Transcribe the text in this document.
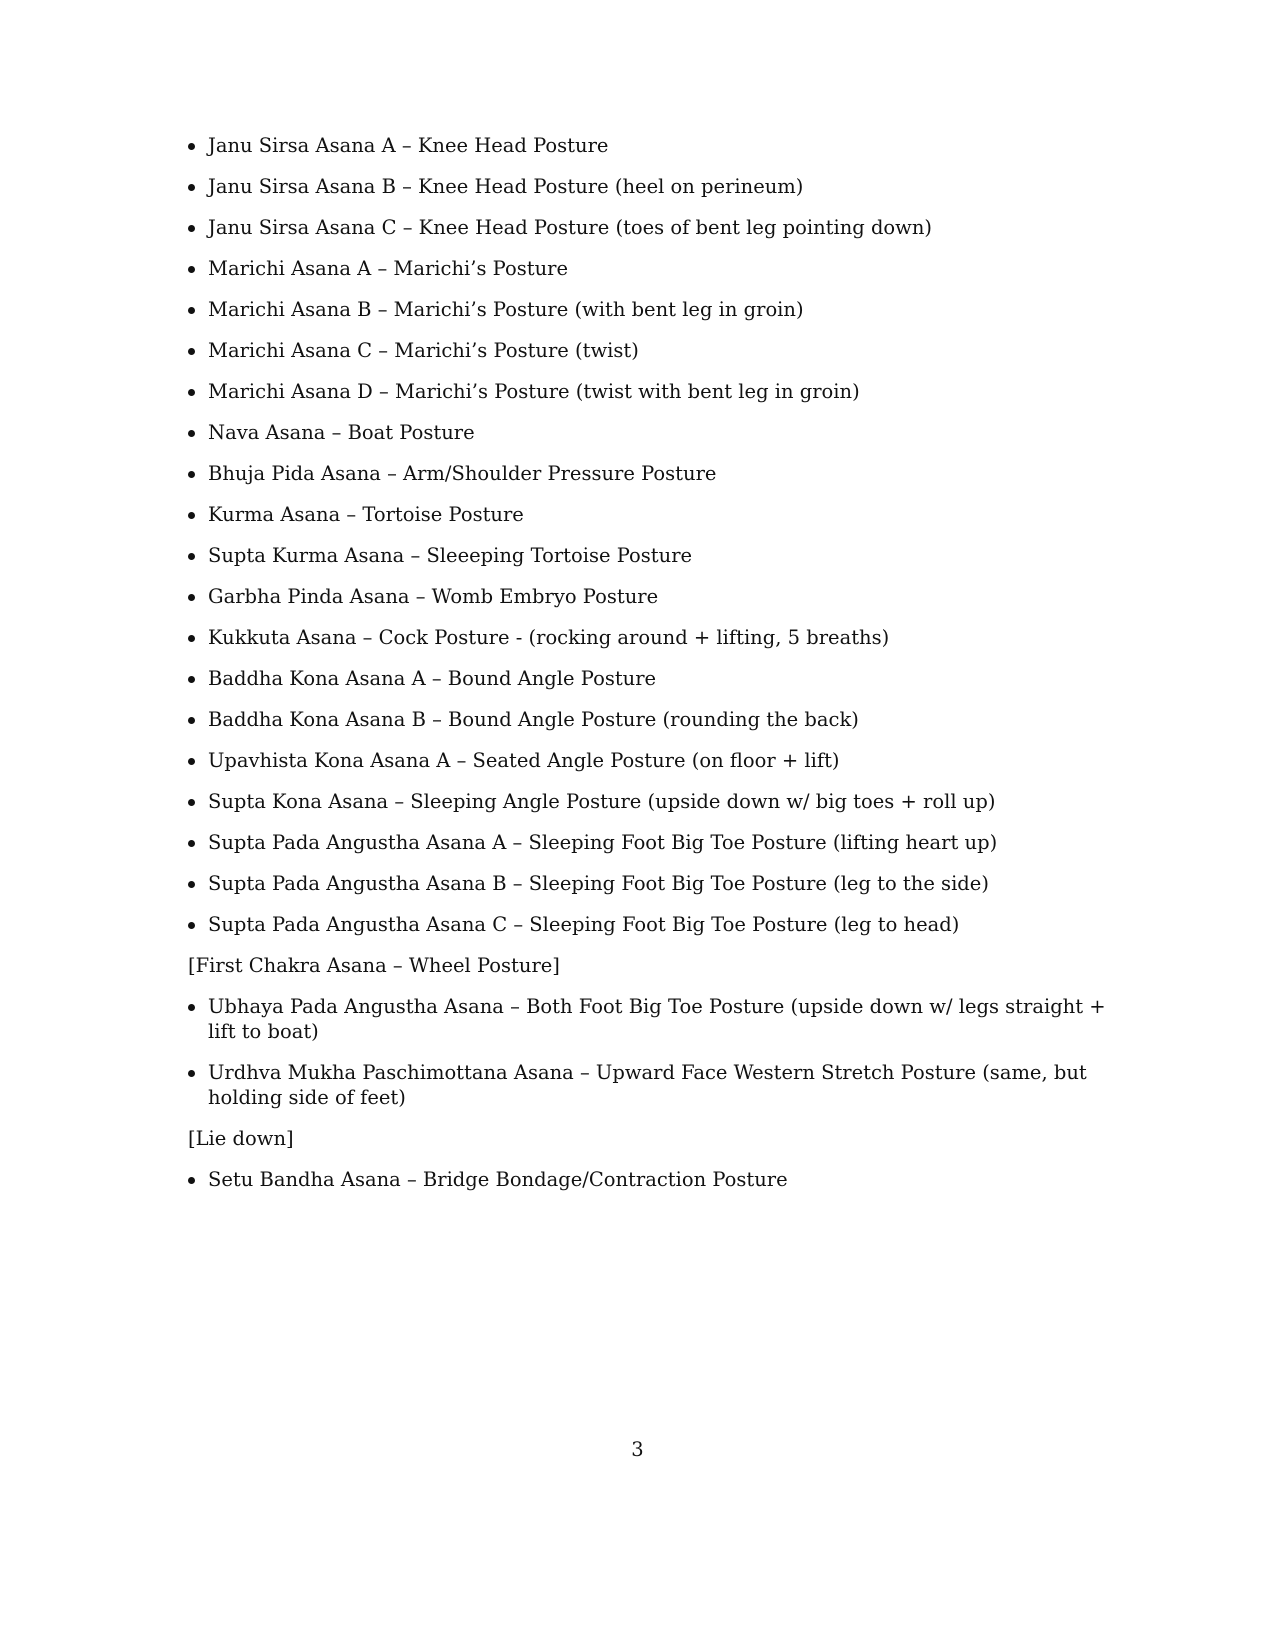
Janu Sirsa Asana A – Knee Head Posture
Janu Sirsa Asana B – Knee Head Posture (heel on perineum)
Janu Sirsa Asana C – Knee Head Posture (toes of bent leg pointing down)
Marichi Asana A – Marichi’s Posture
Marichi Asana B – Marichi’s Posture (with bent leg in groin)
Marichi Asana C – Marichi’s Posture (twist)
Marichi Asana D – Marichi’s Posture (twist with bent leg in groin)
Nava Asana – Boat Posture
Bhuja Pida Asana – Arm/Shoulder Pressure Posture
Kurma Asana – Tortoise Posture
Supta Kurma Asana – Sleeeping Tortoise Posture
Garbha Pinda Asana – Womb Embryo Posture
Kukkuta Asana – Cock Posture - (rocking around + lifting, 5 breaths)
Baddha Kona Asana A – Bound Angle Posture
Baddha Kona Asana B – Bound Angle Posture (rounding the back)
Upavhista Kona Asana A – Seated Angle Posture (on floor + lift)
Supta Kona Asana – Sleeping Angle Posture (upside down w/ big toes + roll up)
Supta Pada Angustha Asana A – Sleeping Foot Big Toe Posture (lifting heart up)
Supta Pada Angustha Asana B – Sleeping Foot Big Toe Posture (leg to the side)
Supta Pada Angustha Asana C – Sleeping Foot Big Toe Posture (leg to head)

[First Chakra Asana – Wheel Posture]

Ubhaya Pada Angustha Asana – Both Foot Big Toe Posture (upside down w/ legs straight + lift to boat)
Urdhva Mukha Paschimottana Asana – Upward Face Western Stretch Posture (same, but holding side of feet)

[Lie down]

Setu Bandha Asana – Bridge Bondage/Contraction Posture
3
